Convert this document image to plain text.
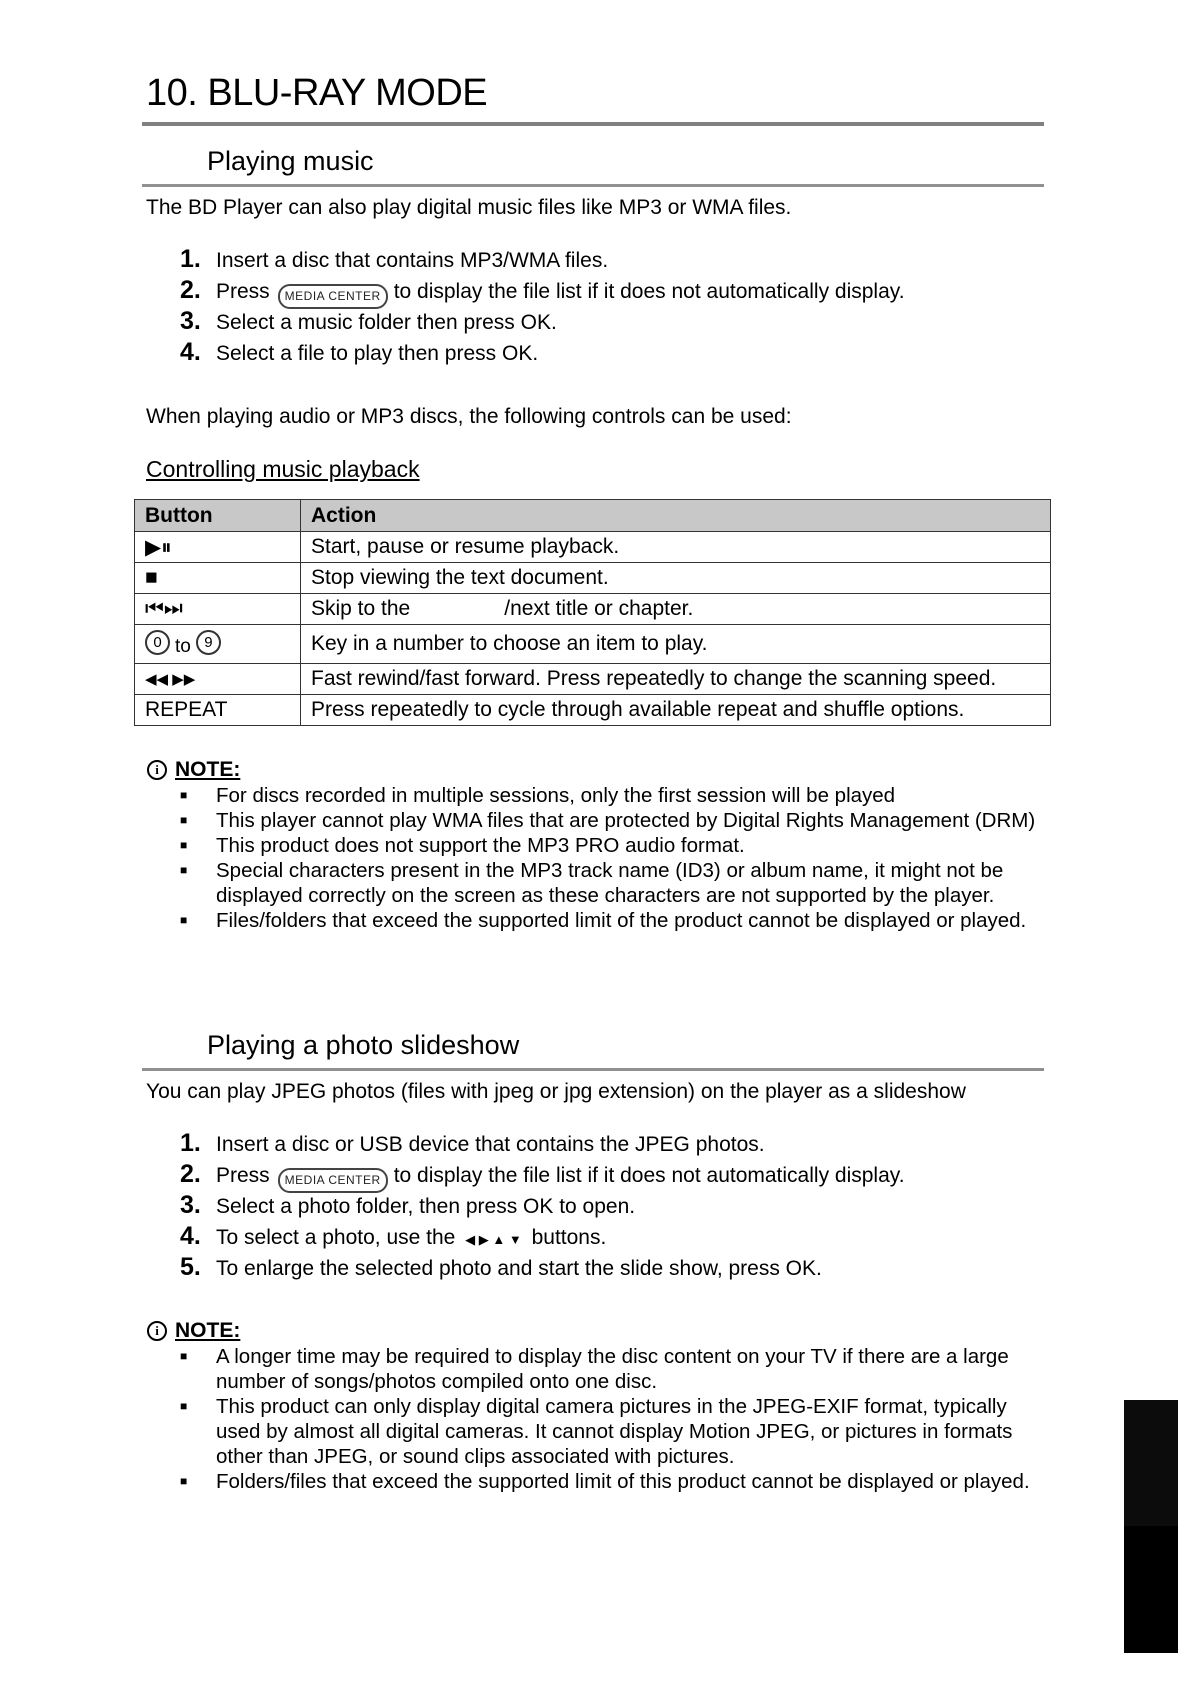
10. BLU-RAY MODE
Playing music

The BD Player can also play digital music files like MP3 or WMA files.

1. Insert a disc that contains MP3/WMA files.
2. Press MEDIA CENTER to display the file list if it does not automatically display.
3. Select a music folder then press OK.
4. Select a file to play then press OK.

When playing audio or MP3 discs, the following controls can be used:

Controlling music playback
Button	Action
▶⏸	Start, pause or resume playback.
■	Stop viewing the text document.
⏮⏭	Skip to the /next title or chapter.
0 to 9	Key in a number to choose an item to play.
◀◀ ▶▶	Fast rewind/fast forward. Press repeatedly to change the scanning speed.
REPEAT	Press repeatedly to cycle through available repeat and shuffle options.
i NOTE:
■	For discs recorded in multiple sessions, only the first session will be played
■	This player cannot play WMA files that are protected by Digital Rights Management (DRM)
■	This product does not support the MP3 PRO audio format.
■	Special characters present in the MP3 track name (ID3) or album name, it might not be displayed correctly on the screen as these characters are not supported by the player.
■	Files/folders that exceed the supported limit of the product cannot be displayed or played.
Playing a photo slideshow

You can play JPEG photos (files with jpeg or jpg extension) on the player as a slideshow

1. Insert a disc or USB device that contains the JPEG photos.
2. Press MEDIA CENTER to display the file list if it does not automatically display.
3. Select a photo folder, then press OK to open.
4. To select a photo, use the ◀ ▶ ▲ ▼ buttons.
5. To enlarge the selected photo and start the slide show, press OK.
i NOTE:
■	A longer time may be required to display the disc content on your TV if there are a large number of songs/photos compiled onto one disc.
■	This product can only display digital camera pictures in the JPEG-EXIF format, typically used by almost all digital cameras. It cannot display Motion JPEG, or pictures in formats other than JPEG, or sound clips associated with pictures.
■	Folders/files that exceed the supported limit of this product cannot be displayed or played.
